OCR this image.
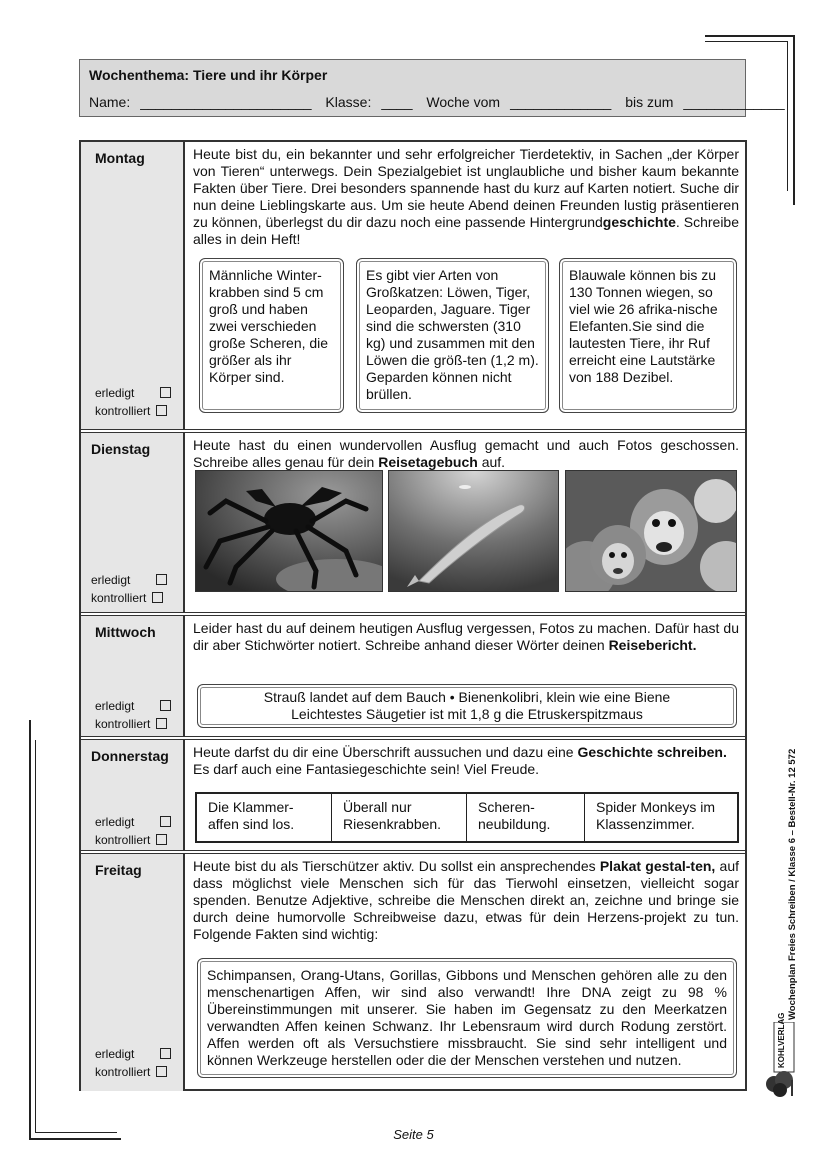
Wochenthema: Tiere und ihr Körper
Name: ______________________ Klasse: ____ Woche vom _____________ bis zum _____________
Montag
erledigt
kontrolliert
Heute bist du, ein bekannter und sehr erfolgreicher Tierdetektiv, in Sachen „der Körper von Tieren“ unterwegs. Dein Spezialgebiet ist unglaubliche und bisher kaum bekannte Fakten über Tiere. Drei besonders spannende hast du kurz auf Karten notiert. Suche dir nun deine Lieblingskarte aus. Um sie heute Abend deinen Freunden lustig präsentieren zu können, überlegst du dir dazu noch eine passende Hintergrundgeschichte. Schreibe alles in dein Heft!
Männliche Winter-krabben sind 5 cm groß und haben zwei verschieden große Scheren, die größer als ihr Körper sind.
Es gibt vier Arten von Großkatzen: Löwen, Tiger, Leoparden, Jaguare. Tiger sind die schwersten (310 kg) und zusammen mit den Löwen die größ-ten (1,2 m). Geparden können nicht brüllen.
Blauwale können bis zu 130 Tonnen wiegen, so viel wie 26 afrika-nische Elefanten.Sie sind die lautesten Tiere, ihr Ruf erreicht eine Lautstärke von 188 Dezibel.
Dienstag
erledigt
kontrolliert
Heute hast du einen wundervollen Ausflug gemacht und auch Fotos geschossen. Schreibe alles genau für dein Reisetagebuch auf.
Mittwoch
erledigt
kontrolliert
Leider hast du auf deinem heutigen Ausflug vergessen, Fotos zu machen. Dafür hast du dir aber Stichwörter notiert. Schreibe anhand dieser Wörter deinen Reisebericht.
Strauß landet auf dem Bauch • Bienenkolibri, klein wie eine Biene
Leichtestes Säugetier ist mit 1,8 g die Etruskerspitzmaus
Donnerstag
erledigt
kontrolliert
Heute darfst du dir eine Überschrift aussuchen und dazu eine Geschichte schreiben. Es darf auch eine Fantasiegeschichte sein! Viel Freude.
Die Klammer-affen sind los.
Überall nur Riesenkrabben.
Scheren-neubildung.
Spider Monkeys im Klassenzimmer.
Freitag
erledigt
kontrolliert
Heute bist du als Tierschützer aktiv. Du sollst ein ansprechendes Plakat gestal-ten, auf dass möglichst viele Menschen sich für das Tierwohl einsetzen, vielleicht sogar spenden. Benutze Adjektive, schreibe die Menschen direkt an, zeichne und bringe sie durch deine humorvolle Schreibweise dazu, etwas für dein Herzens-projekt zu tun. Folgende Fakten sind wichtig:
Schimpansen, Orang-Utans, Gorillas, Gibbons und Menschen gehören alle zu den menschenartigen Affen, wir sind also verwandt! Ihre DNA zeigt zu 98 % Übereinstimmungen mit unserer. Sie haben im Gegensatz zu den Meerkatzen verwandten Affen keinen Schwanz. Ihr Lebensraum wird durch Rodung zerstört. Affen werden oft als Versuchstiere missbraucht. Sie sind sehr intelligent und können Werkzeuge herstellen oder die der Menschen verstehen und nutzen.
Wochenplan Freies Schreiben / Klasse 6 – Bestell-Nr. 12 572
KOHLVERLAG
Seite 5
